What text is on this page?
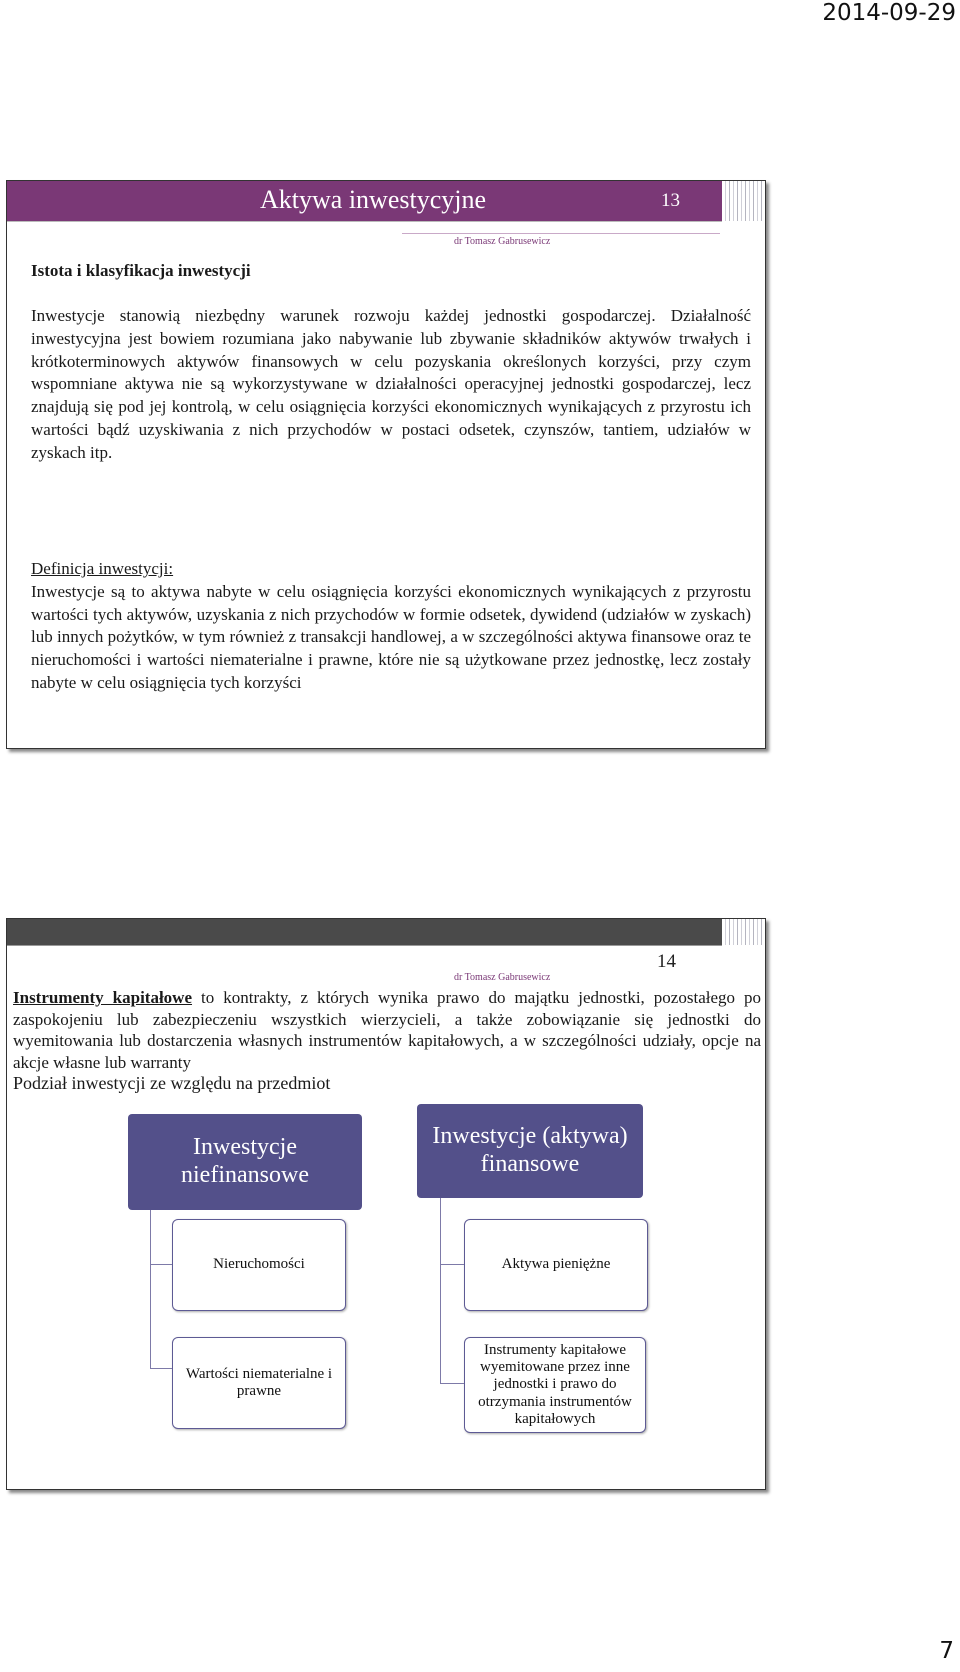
2014-09-29
Aktywa inwestycyjne	13
dr Tomasz Gabrusewicz
Istota i klasyfikacja inwestycji
Inwestycje stanowią niezbędny warunek rozwoju każdej jednostki gospodarczej. Działalność inwestycyjna jest bowiem rozumiana jako nabywanie lub zbywanie składników aktywów trwałych i krótkoterminowych aktywów finansowych w celu pozyskania określonych korzyści, przy czym wspomniane aktywa nie są wykorzystywane w działalności operacyjnej jednostki gospodarczej, lecz znajdują się pod jej kontrolą, w celu osiągnięcia korzyści ekonomicznych wynikających z przyrostu ich wartości bądź uzyskiwania z nich przychodów w postaci odsetek, czynszów, tantiem, udziałów w zyskach itp.
Definicja inwestycji:
Inwestycje są to aktywa nabyte w celu osiągnięcia korzyści ekonomicznych wynikających z przyrostu wartości tych aktywów, uzyskania z nich przychodów w formie odsetek, dywidend (udziałów w zyskach) lub innych pożytków, w tym również z transakcji handlowej, a w szczególności aktywa finansowe oraz te nieruchomości i wartości niematerialne i prawne, które nie są użytkowane przez jednostkę, lecz zostały nabyte w celu osiągnięcia tych korzyści
14
dr Tomasz Gabrusewicz
Instrumenty kapitałowe to kontrakty, z których wynika prawo do majątku jednostki, pozostałego po zaspokojeniu lub zabezpieczeniu wszystkich wierzycieli, a także zobowiązanie się jednostki do wyemitowania lub dostarczenia własnych instrumentów kapitałowych, a w szczególności udziały, opcje na akcje własne lub warranty
Podział inwestycji ze względu na przedmiot
Inwestycje niefinansowe
Inwestycje (aktywa) finansowe
Nieruchomości
Wartości niematerialne i prawne
Aktywa pieniężne
Instrumenty kapitałowe wyemitowane przez inne jednostki i prawo do otrzymania instrumentów kapitałowych
7
